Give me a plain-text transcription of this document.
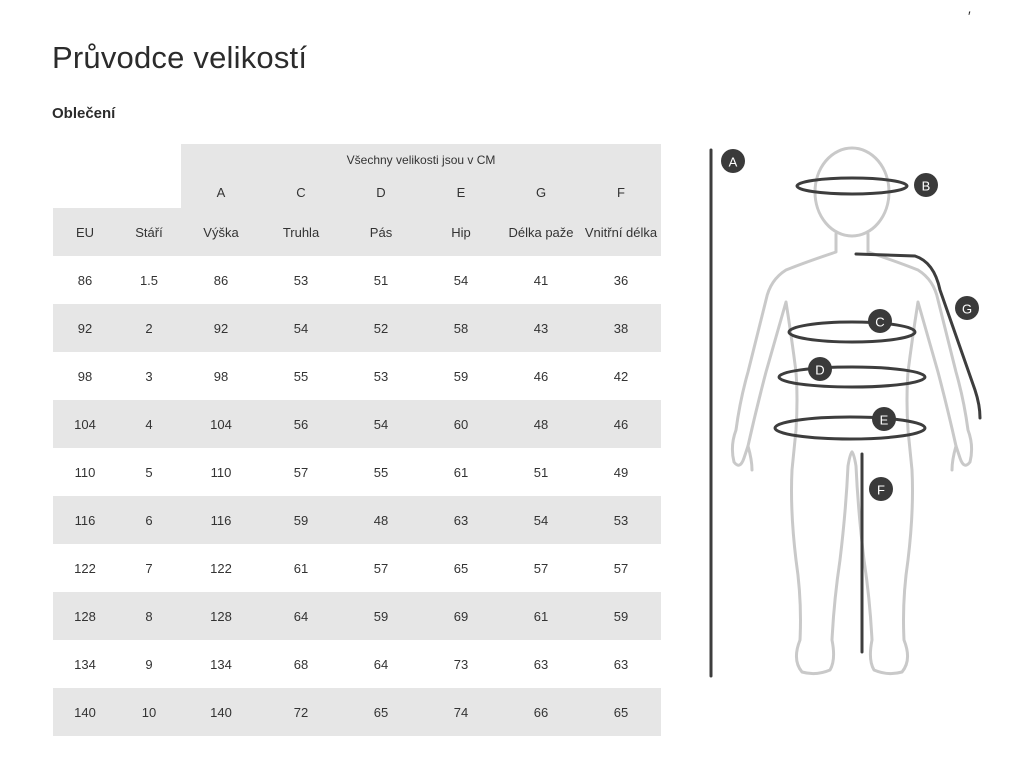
′
Průvodce velikostí
Oblečení
		Všechny velikosti jsou v CM					
		A	C	D	E	G	F
EU	Stáří	Výška	Truhla	Pás	Hip	Délka paže	Vnitřní délka
86	1.5	86	53	51	54	41	36
92	2	92	54	52	58	43	38
98	3	98	55	53	59	46	42
104	4	104	56	54	60	48	46
110	5	110	57	55	61	51	49
116	6	116	59	48	63	54	53
122	7	122	61	57	65	57	57
128	8	128	64	59	69	61	59
134	9	134	68	64	73	63	63
140	10	140	72	65	74	66	65
A
B
C
D
E
F
G
